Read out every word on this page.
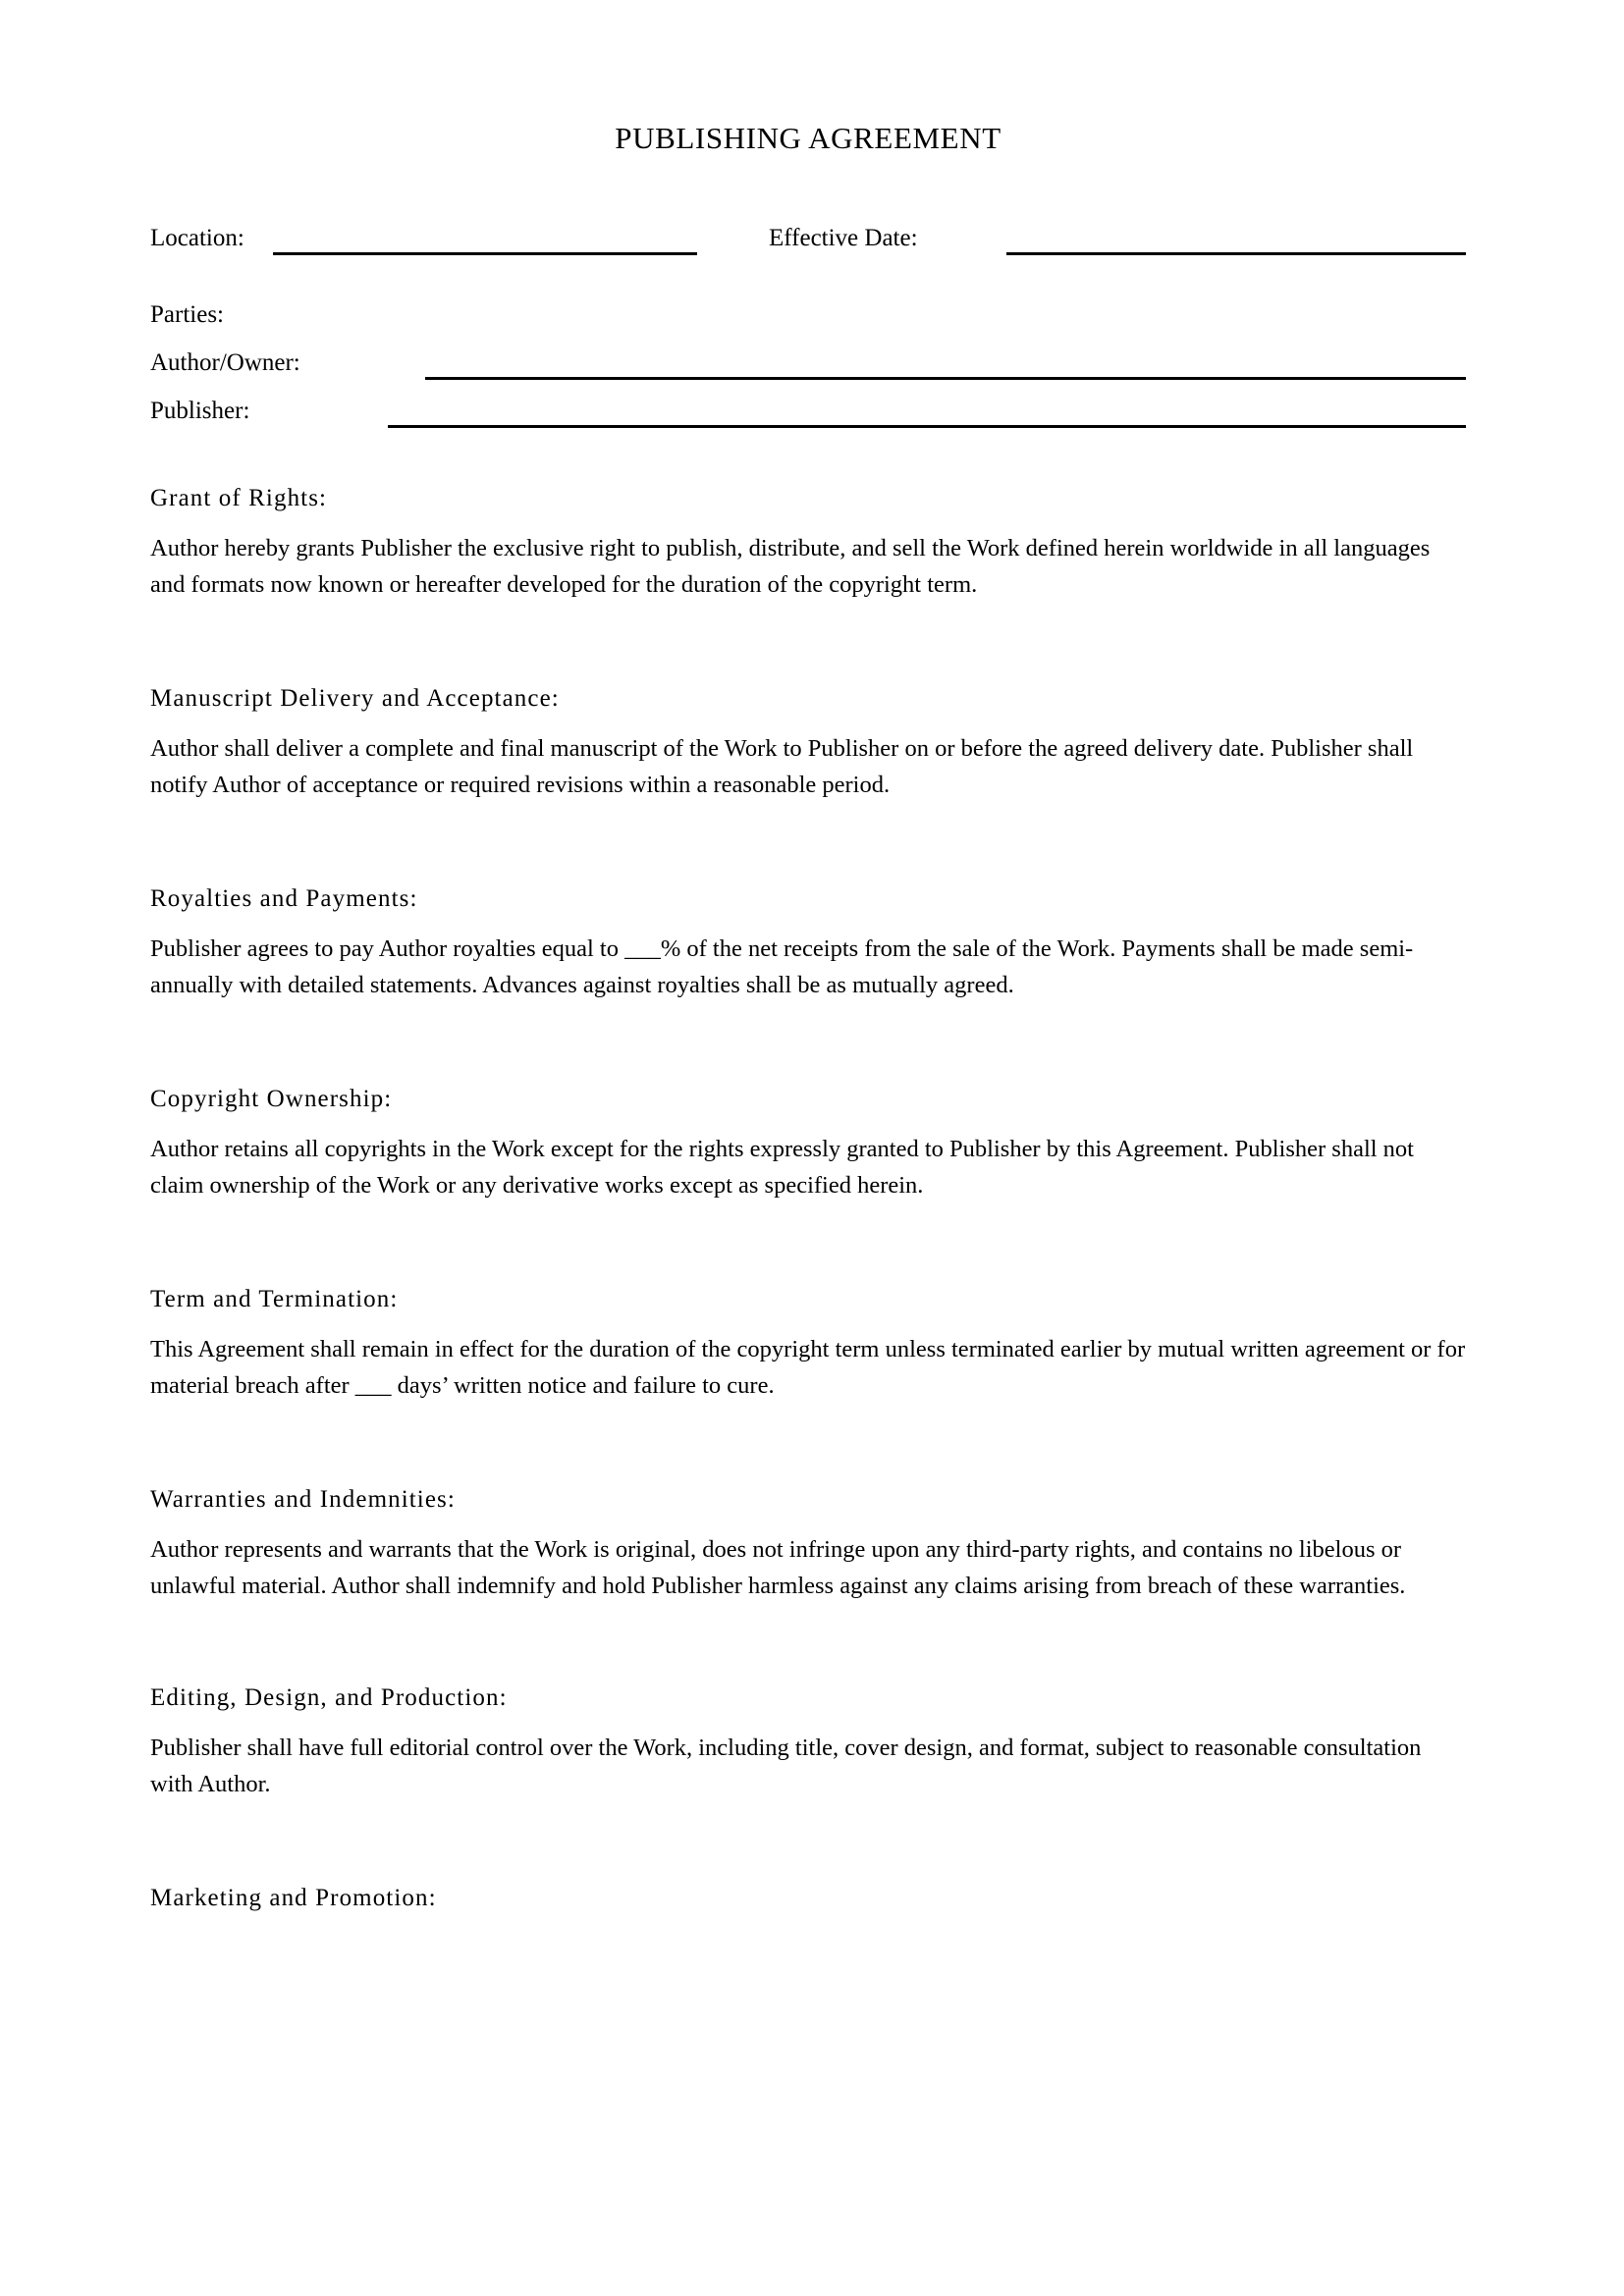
PUBLISHING AGREEMENT
Location:	Effective Date:
Parties:
Author/Owner:
Publisher:
Grant of Rights:

Author hereby grants Publisher the exclusive right to publish, distribute, and sell the Work defined herein worldwide in all languages and formats now known or hereafter developed for the duration of the copyright term.

Manuscript Delivery and Acceptance:

Author shall deliver a complete and final manuscript of the Work to Publisher on or before the agreed delivery date. Publisher shall notify Author of acceptance or required revisions within a reasonable period.

Royalties and Payments:

Publisher agrees to pay Author royalties equal to ___% of the net receipts from the sale of the Work. Payments shall be made semi-annually with detailed statements. Advances against royalties shall be as mutually agreed.

Copyright Ownership:

Author retains all copyrights in the Work except for the rights expressly granted to Publisher by this Agreement. Publisher shall not claim ownership of the Work or any derivative works except as specified herein.

Term and Termination:

This Agreement shall remain in effect for the duration of the copyright term unless terminated earlier by mutual written agreement or for material breach after ___ days’ written notice and failure to cure.

Warranties and Indemnities:

Author represents and warrants that the Work is original, does not infringe upon any third-party rights, and contains no libelous or unlawful material. Author shall indemnify and hold Publisher harmless against any claims arising from breach of these warranties.

Editing, Design, and Production:

Publisher shall have full editorial control over the Work, including title, cover design, and format, subject to reasonable consultation with Author.

Marketing and Promotion:
